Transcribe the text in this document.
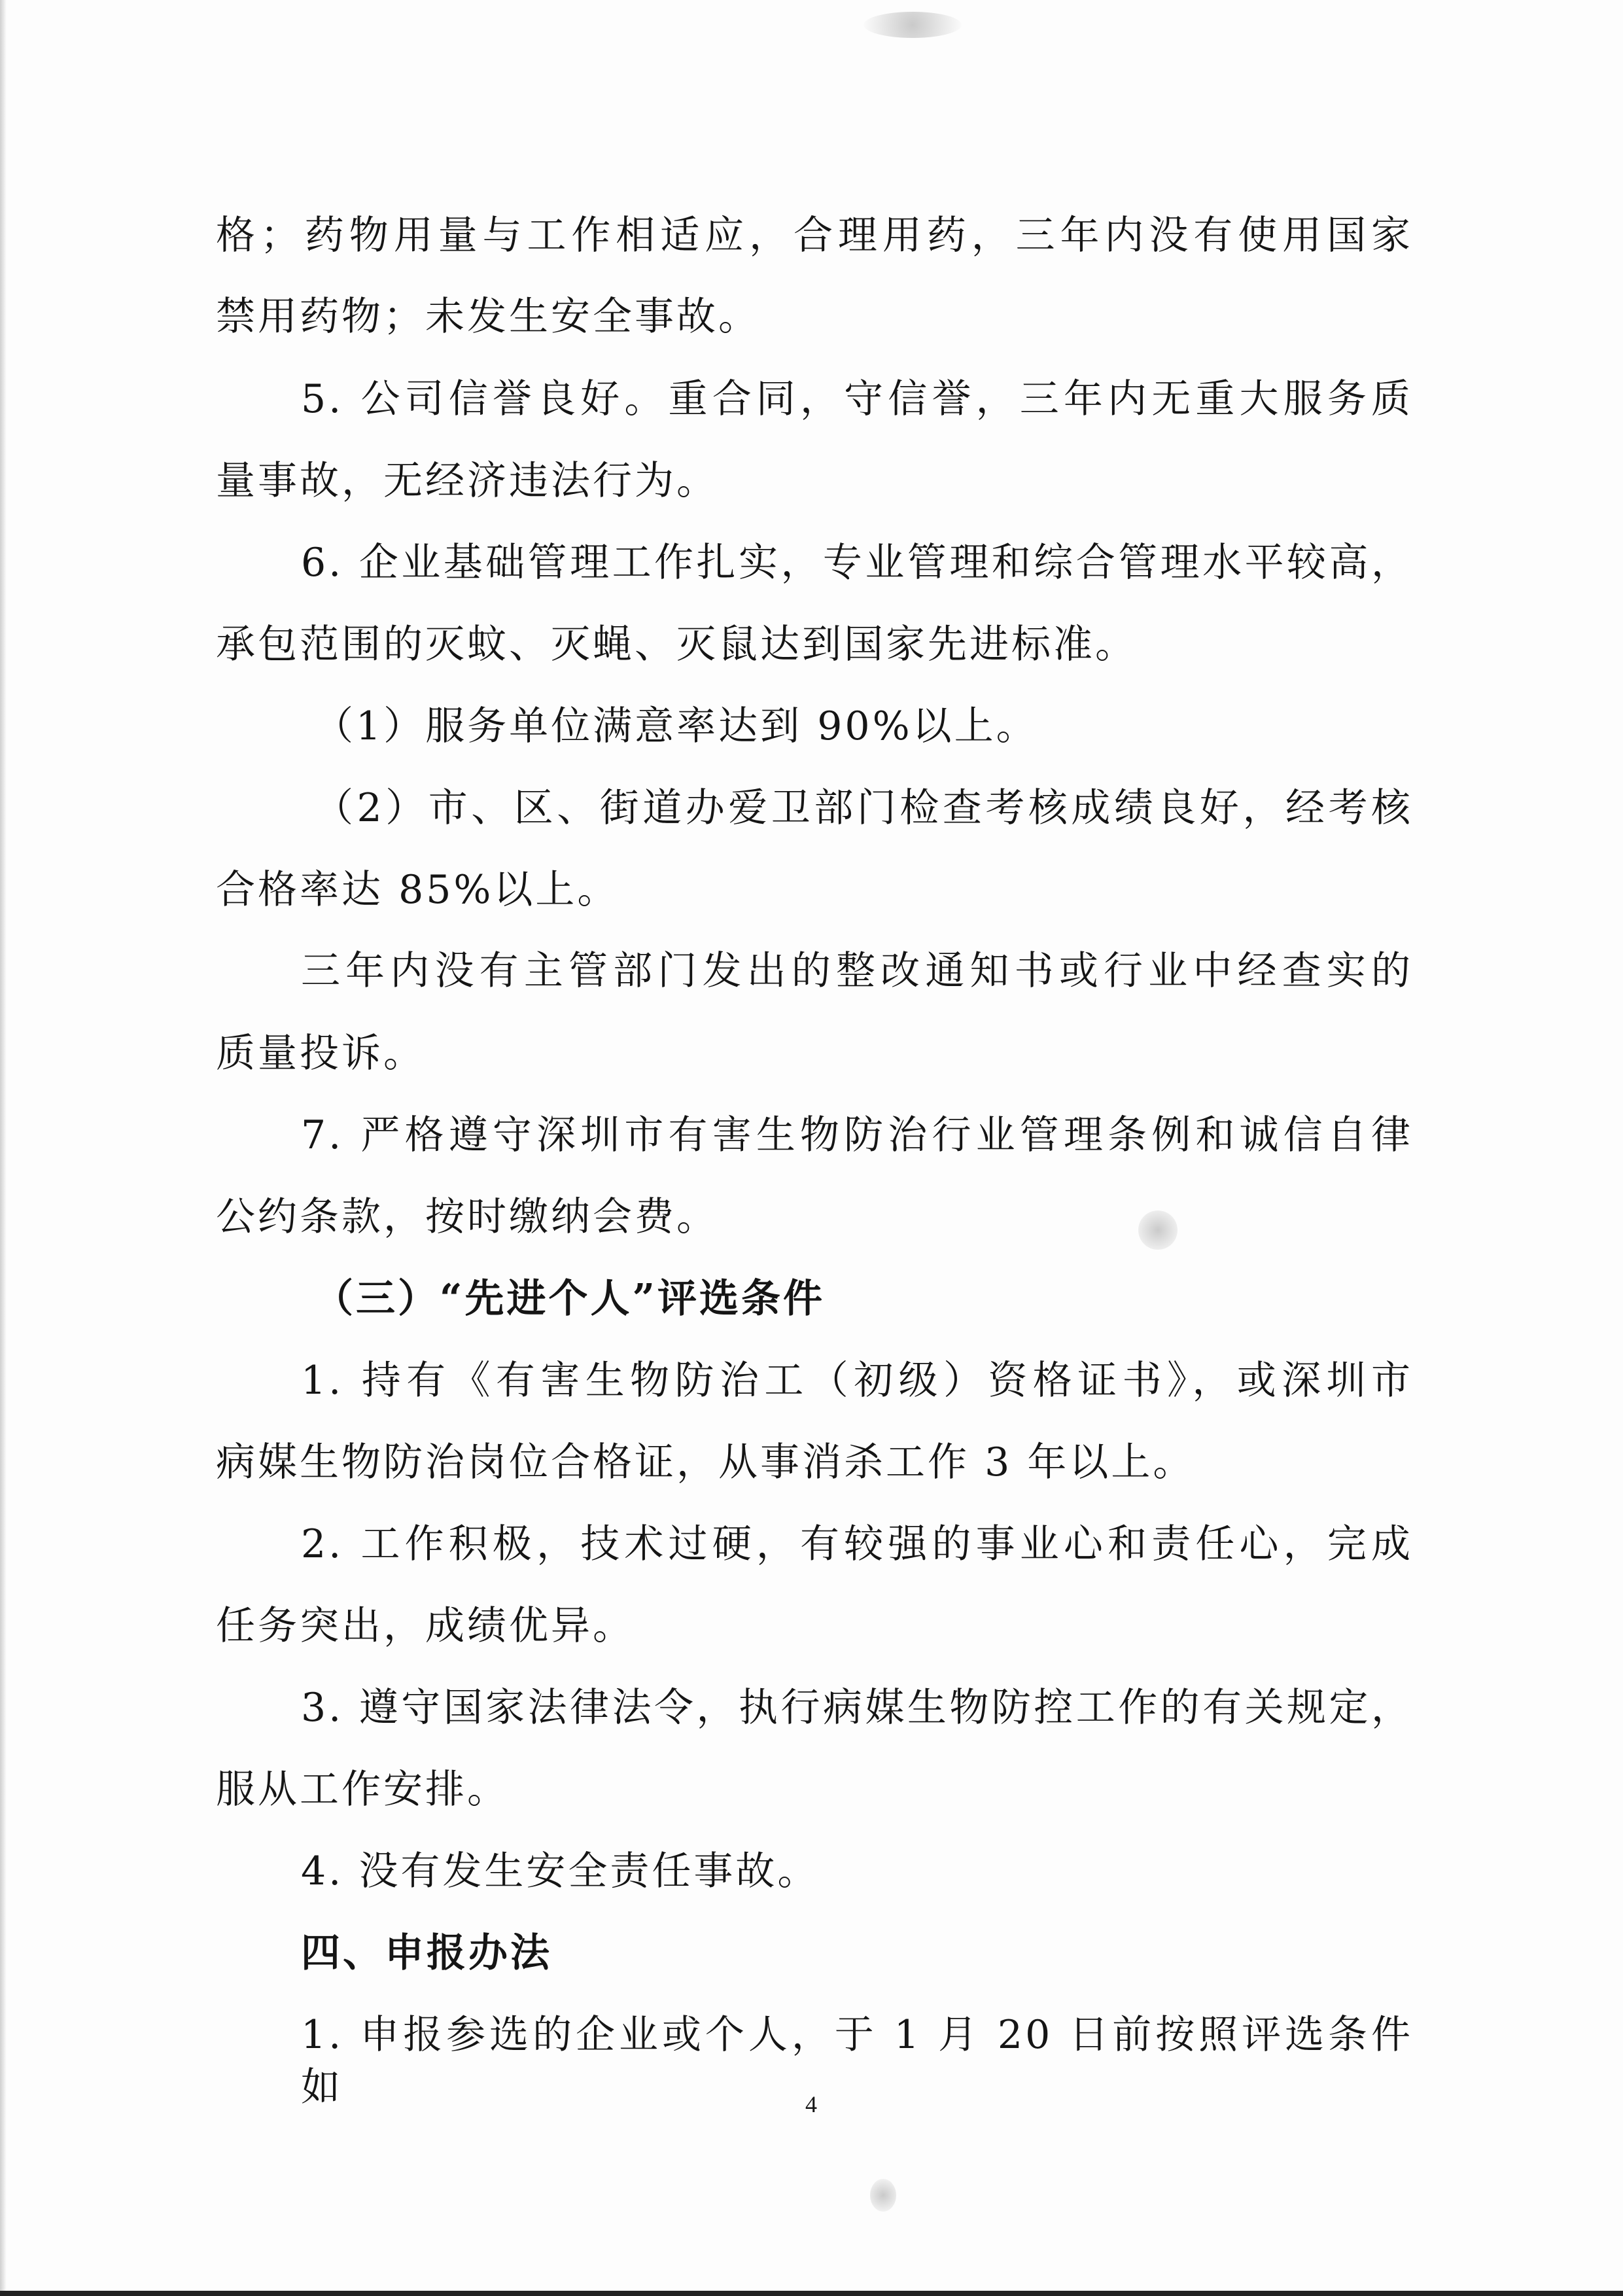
格；药物用量与工作相适应，合理用药，三年内没有使用国家
禁用药物；未发生安全事故。
5. 公司信誉良好。重合同，守信誉，三年内无重大服务质
量事故，无经济违法行为。
6. 企业基础管理工作扎实，专业管理和综合管理水平较高，
承包范围的灭蚊、灭蝇、灭鼠达到国家先进标准。
（1）服务单位满意率达到 90%以上。
（2）市、区、街道办爱卫部门检查考核成绩良好，经考核
合格率达 85%以上。
三年内没有主管部门发出的整改通知书或行业中经查实的
质量投诉。
7. 严格遵守深圳市有害生物防治行业管理条例和诚信自律
公约条款，按时缴纳会费。
（三）“先进个人”评选条件
1. 持有《有害生物防治工（初级）资格证书》，或深圳市
病媒生物防治岗位合格证，从事消杀工作 3 年以上。
2. 工作积极，技术过硬，有较强的事业心和责任心，完成
任务突出，成绩优异。
3. 遵守国家法律法令，执行病媒生物防控工作的有关规定，
服从工作安排。
4. 没有发生安全责任事故。
四、申报办法
1. 申报参选的企业或个人，于 1 月 20 日前按照评选条件如	4
